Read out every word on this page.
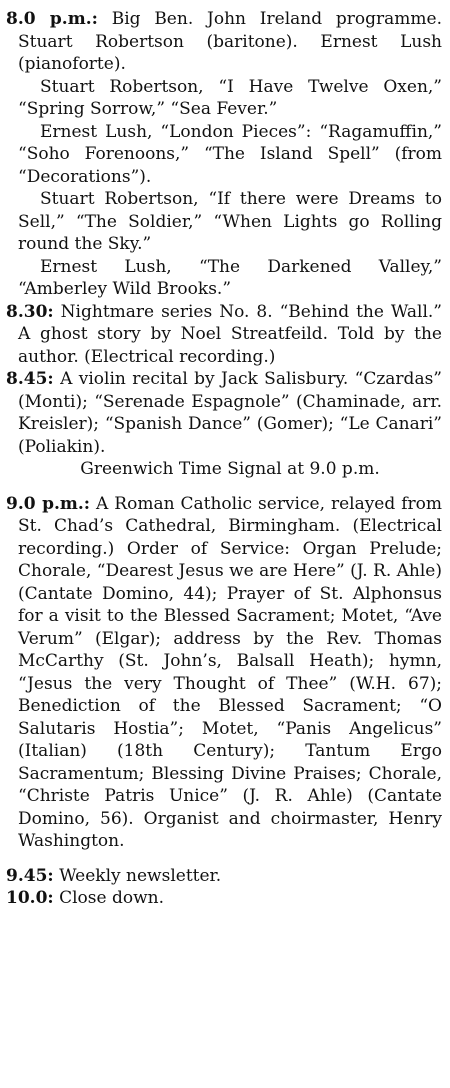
8.0 p.m.: Big Ben. John Ireland programme. Stuart Robertson (baritone). Ernest Lush (pianoforte).
Stuart Robertson, “I Have Twelve Oxen,” “Spring Sorrow,” “Sea Fever.”
Ernest Lush, “London Pieces”: “Ragamuffin,” “Soho Forenoons,” “The Island Spell” (from “Decorations”).
Stuart Robertson, “If there were Dreams to Sell,” “The Soldier,” “When Lights go Rolling round the Sky.”
Ernest Lush, “The Darkened Valley,” “Amberley Wild Brooks.”

8.30: Nightmare series No. 8. “Behind the Wall.” A ghost story by Noel Streatfeild. Told by the author. (Electrical recording.)

8.45: A violin recital by Jack Salisbury. “Czardas” (Monti); “Serenade Espagnole” (Chaminade, arr. Kreisler); “Spanish Dance” (Gomer); “Le Canari” (Poliakin).
Greenwich Time Signal at 9.0 p.m.

9.0 p.m.: A Roman Catholic service, relayed from St. Chad’s Cathedral, Birmingham. (Electrical recording.) Order of Service: Organ Prelude; Chorale, “Dearest Jesus we are Here” (J. R. Ahle) (Cantate Domino, 44); Prayer of St. Alphonsus for a visit to the Blessed Sacrament; Motet, “Ave Verum” (Elgar); address by the Rev. Thomas McCarthy (St. John’s, Balsall Heath); hymn, “Jesus the very Thought of Thee” (W.H. 67); Benediction of the Blessed Sacrament; “O Salutaris Hostia”; Motet, “Panis Angelicus” (Italian) (18th Century); Tantum Ergo Sacramentum; Blessing Divine Praises; Chorale, “Christe Patris Unice” (J. R. Ahle) (Cantate Domino, 56). Organist and choirmaster, Henry Washington.

9.45: Weekly newsletter.

10.0: Close down.
